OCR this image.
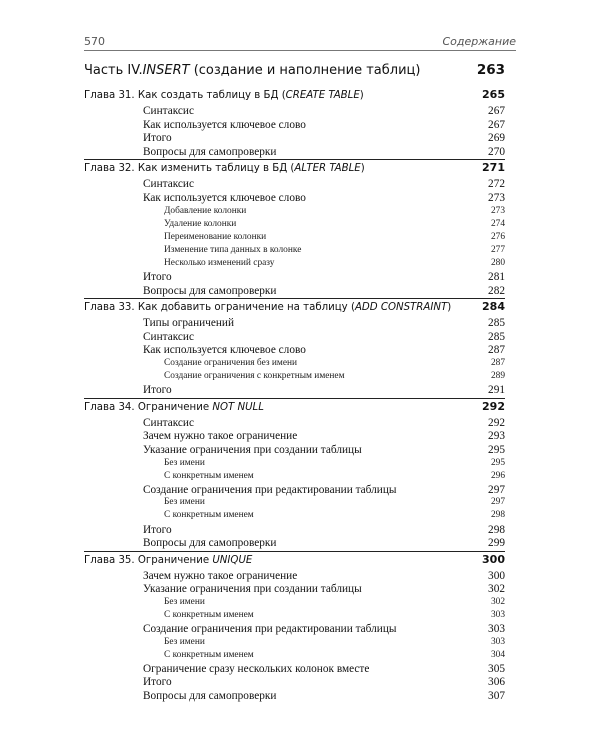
570	Содержание
Часть IV.INSERT (создание и наполнение таблиц)	263
Глава 31. Как создать таблицу в БД (CREATE TABLE)	265
Синтаксис	267
Как используется ключевое слово	267
Итого	269
Вопросы для самопроверки	270
Глава 32. Как изменить таблицу в БД (ALTER TABLE)	271
Синтаксис	272
Как используется ключевое слово	273
Добавление колонки	273
Удаление колонки	274
Переименование колонки	276
Изменение типа данных в колонке	277
Несколько изменений сразу	280
Итого	281
Вопросы для самопроверки	282
Глава 33. Как добавить ограничение на таблицу (ADD CONSTRAINT)	284
Типы ограничений	285
Синтаксис	285
Как используется ключевое слово	287
Создание ограничения без имени	287
Создание ограничения с конкретным именем	289
Итого	291
Глава 34. Ограничение NOT NULL	292
Синтаксис	292
Зачем нужно такое ограничение	293
Указание ограничения при создании таблицы	295
Без имени	295
С конкретным именем	296
Создание ограничения при редактировании таблицы	297
Без имени	297
С конкретным именем	298
Итого	298
Вопросы для самопроверки	299
Глава 35. Ограничение UNIQUE	300
Зачем нужно такое ограничение	300
Указание ограничения при создании таблицы	302
Без имени	302
С конкретным именем	303
Создание ограничения при редактировании таблицы	303
Без имени	303
С конкретным именем	304
Ограничение сразу нескольких колонок вместе	305
Итого	306
Вопросы для самопроверки	307
